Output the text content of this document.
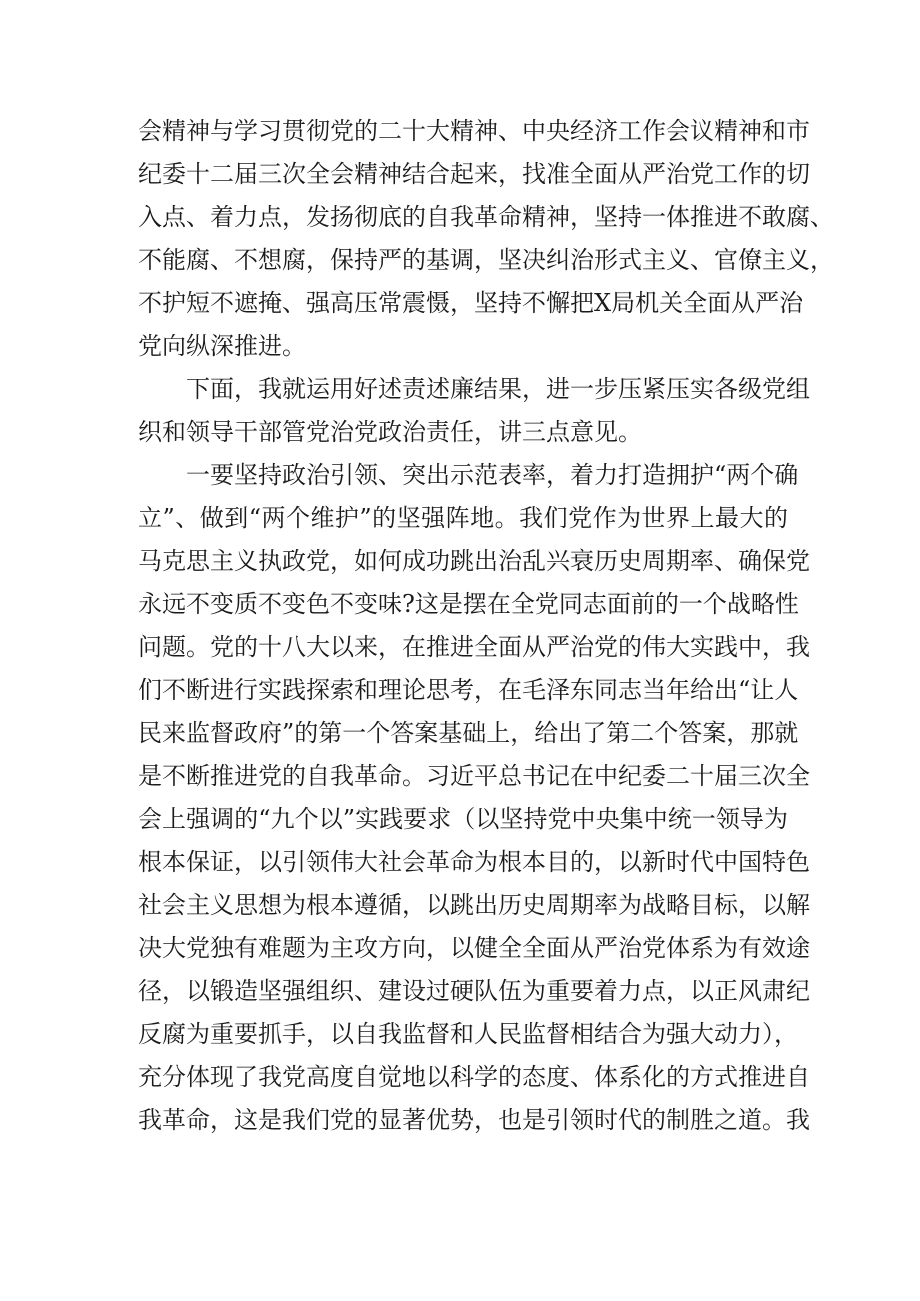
会精神与学习贯彻党的二十大精神、中央经济工作会议精神和市
纪委十二届三次全会精神结合起来，找准全面从严治党工作的切
入点、着力点，发扬彻底的自我革命精神，坚持一体推进不敢腐、
不能腐、不想腐，保持严的基调，坚决纠治形式主义、官僚主义，
不护短不遮掩、强高压常震慑，坚持不懈把X局机关全面从严治
党向纵深推进。
下面，我就运用好述责述廉结果，进一步压紧压实各级党组
织和领导干部管党治党政治责任，讲三点意见。
一要坚持政治引领、突出示范表率，着力打造拥护“两个确
立”、做到“两个维护”的坚强阵地。我们党作为世界上最大的
马克思主义执政党，如何成功跳出治乱兴衰历史周期率、确保党
永远不变质不变色不变味?这是摆在全党同志面前的一个战略性
问题。党的十八大以来，在推进全面从严治党的伟大实践中，我
们不断进行实践探索和理论思考，在毛泽东同志当年给出“让人
民来监督政府”的第一个答案基础上，给出了第二个答案，那就
是不断推进党的自我革命。习近平总书记在中纪委二十届三次全
会上强调的“九个以”实践要求（以坚持党中央集中统一领导为
根本保证，以引领伟大社会革命为根本目的，以新时代中国特色
社会主义思想为根本遵循，以跳出历史周期率为战略目标，以解
决大党独有难题为主攻方向，以健全全面从严治党体系为有效途
径，以锻造坚强组织、建设过硬队伍为重要着力点，以正风肃纪
反腐为重要抓手，以自我监督和人民监督相结合为强大动力），
充分体现了我党高度自觉地以科学的态度、体系化的方式推进自
我革命，这是我们党的显著优势，也是引领时代的制胜之道。我
